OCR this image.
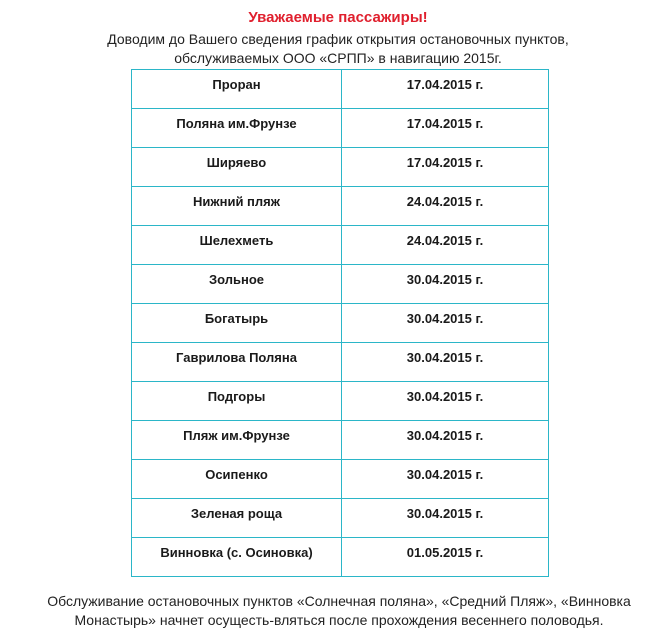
Уважаемые пассажиры!
Доводим до Вашего сведения график открытия остановочных пунктов,
обслуживаемых ООО «СРПП» в навигацию 2015г.
Проран	17.04.2015 г.

Поляна им.Фрунзе	17.04.2015 г.

Ширяево	17.04.2015 г.

Нижний пляж	24.04.2015 г.

Шелехметь	24.04.2015 г.

Зольное	30.04.2015 г.

Богатырь	30.04.2015 г.

Гаврилова Поляна	30.04.2015 г.

Подгоры	30.04.2015 г.

Пляж им.Фрунзе	30.04.2015 г.

Осипенко	30.04.2015 г.

Зеленая роща	30.04.2015 г.

Винновка (с. Осиновка)	01.05.2015 г.
Обслуживание остановочных пунктов «Солнечная поляна», «Средний Пляж», «Винновка
Монастырь» начнет осущесть-вляться после прохождения весеннего половодья.
